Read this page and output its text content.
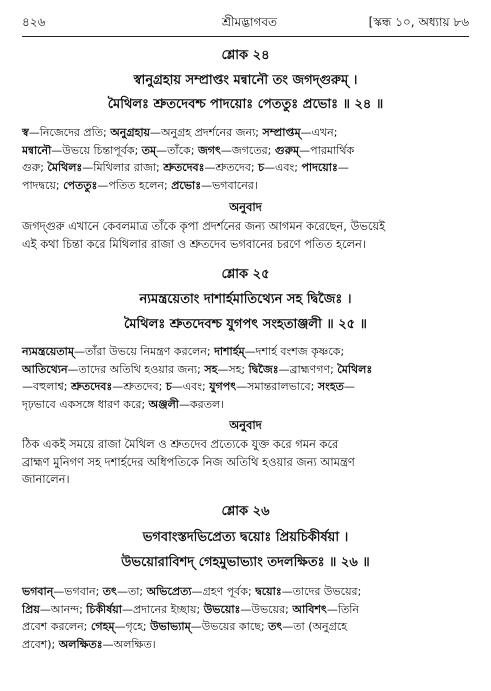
৪২৬	শ্রীমদ্ভাগবত	[স্কন্ধ ১০, অধ্যায় ৮৬
শ্লোক ২৪
স্বানুগ্রহায় সম্প্রাপ্তং মন্বানৌ তং জগদ্‌গুরুম্‌ ।
মৈথিলঃ শ্রুতদেবশ্চ পাদয়োঃ পেততুঃ প্রভোঃ ॥ ২৪ ॥
স্ব—নিজেদের প্রতি; অনুগ্রহায়—অনুগ্রহ প্রদর্শনের জন্য; সম্প্রাপ্তম্‌—এখন;
মন্বানৌ—উভয়ে চিন্তাপূর্বক; তম্‌—তাঁকে; জগৎ—জগতের; গুরুম্‌—পারমার্থিক
গুরু; মৈথিলঃ—মিথিলার রাজা; শ্রুতদেবঃ—শ্রুতদেব; চ—এবং; পাদয়োঃ—
পাদদ্বয়ে; পেততুঃ—পতিত হলেন; প্রভোঃ—ভগবানের।
অনুবাদ
জগদ্‌গুরু এখানে কেবলমাত্র তাঁকে কৃপা প্রদর্শনের জন্য আগমন করেছেন, উভয়েই
এই কথা চিন্তা করে মিথিলার রাজা ও শ্রুতদেব ভগবানের চরণে পতিত হলেন।
শ্লোক ২৫
ন্যমন্ত্রয়েতাং দাশার্হমাতিথ্যেন সহ দ্বিজৈঃ ।
মৈথিলঃ শ্রুতদেবশ্চ যুগপৎ সংহতাঞ্জলী ॥ ২৫ ॥
ন্যমন্ত্রয়েতাম্‌—তাঁরা উভয়ে নিমন্ত্রণ করলেন; দাশার্হম্‌—দশার্হ বংশজ কৃষ্ণকে;
আতিথ্যেন—তাদের অতিথি হওয়ার জন্য; সহ—সহ; দ্বিজৈঃ—ব্রাহ্মণগণ; মৈথিলঃ
—বহুলাশ্ব; শ্রুতদেবঃ—শ্রুতদেব; চ—এবং; যুগপৎ—সমান্তরালভাবে; সংহত—
দৃঢ়ভাবে একসঙ্গে ধারণ করে; অঞ্জলী—করতল।
অনুবাদ
ঠিক একই সময়ে রাজা মৈথিল ও শ্রুতদেব প্রত্যেকে যুক্ত করে গমন করে
ব্রাহ্মণ মুনিগণ সহ দশার্হদের অধিপতিকে নিজ অতিথি হওয়ার জন্য আমন্ত্রণ
জানালেন।
শ্লোক ২৬
ভগবাংস্তদভিপ্রেত্য দ্বয়োঃ প্রিয়চিকীর্ষয়া ।
উভয়োরাবিশদ্‌ গেহমুভাভ্যাং তদলক্ষিতঃ ॥ ২৬ ॥
ভগবান্‌—ভগবান; তৎ—তা; অভিপ্রেত্য—গ্রহণ পূর্বক; দ্বয়োঃ—তাদের উভয়ের;
প্রিয়—আনন্দ; চিকীর্ষয়া—প্রদানের ইচ্ছায়; উভয়োঃ—উভয়ের; আবিশৎ—তিনি
প্রবেশ করলেন; গেহম্‌—গৃহে; উভাভ্যাম্‌—উভয়ের কাছে; তৎ—তা (অনুগ্রহে
প্রবেশ); অলক্ষিতঃ—অলক্ষিত।
